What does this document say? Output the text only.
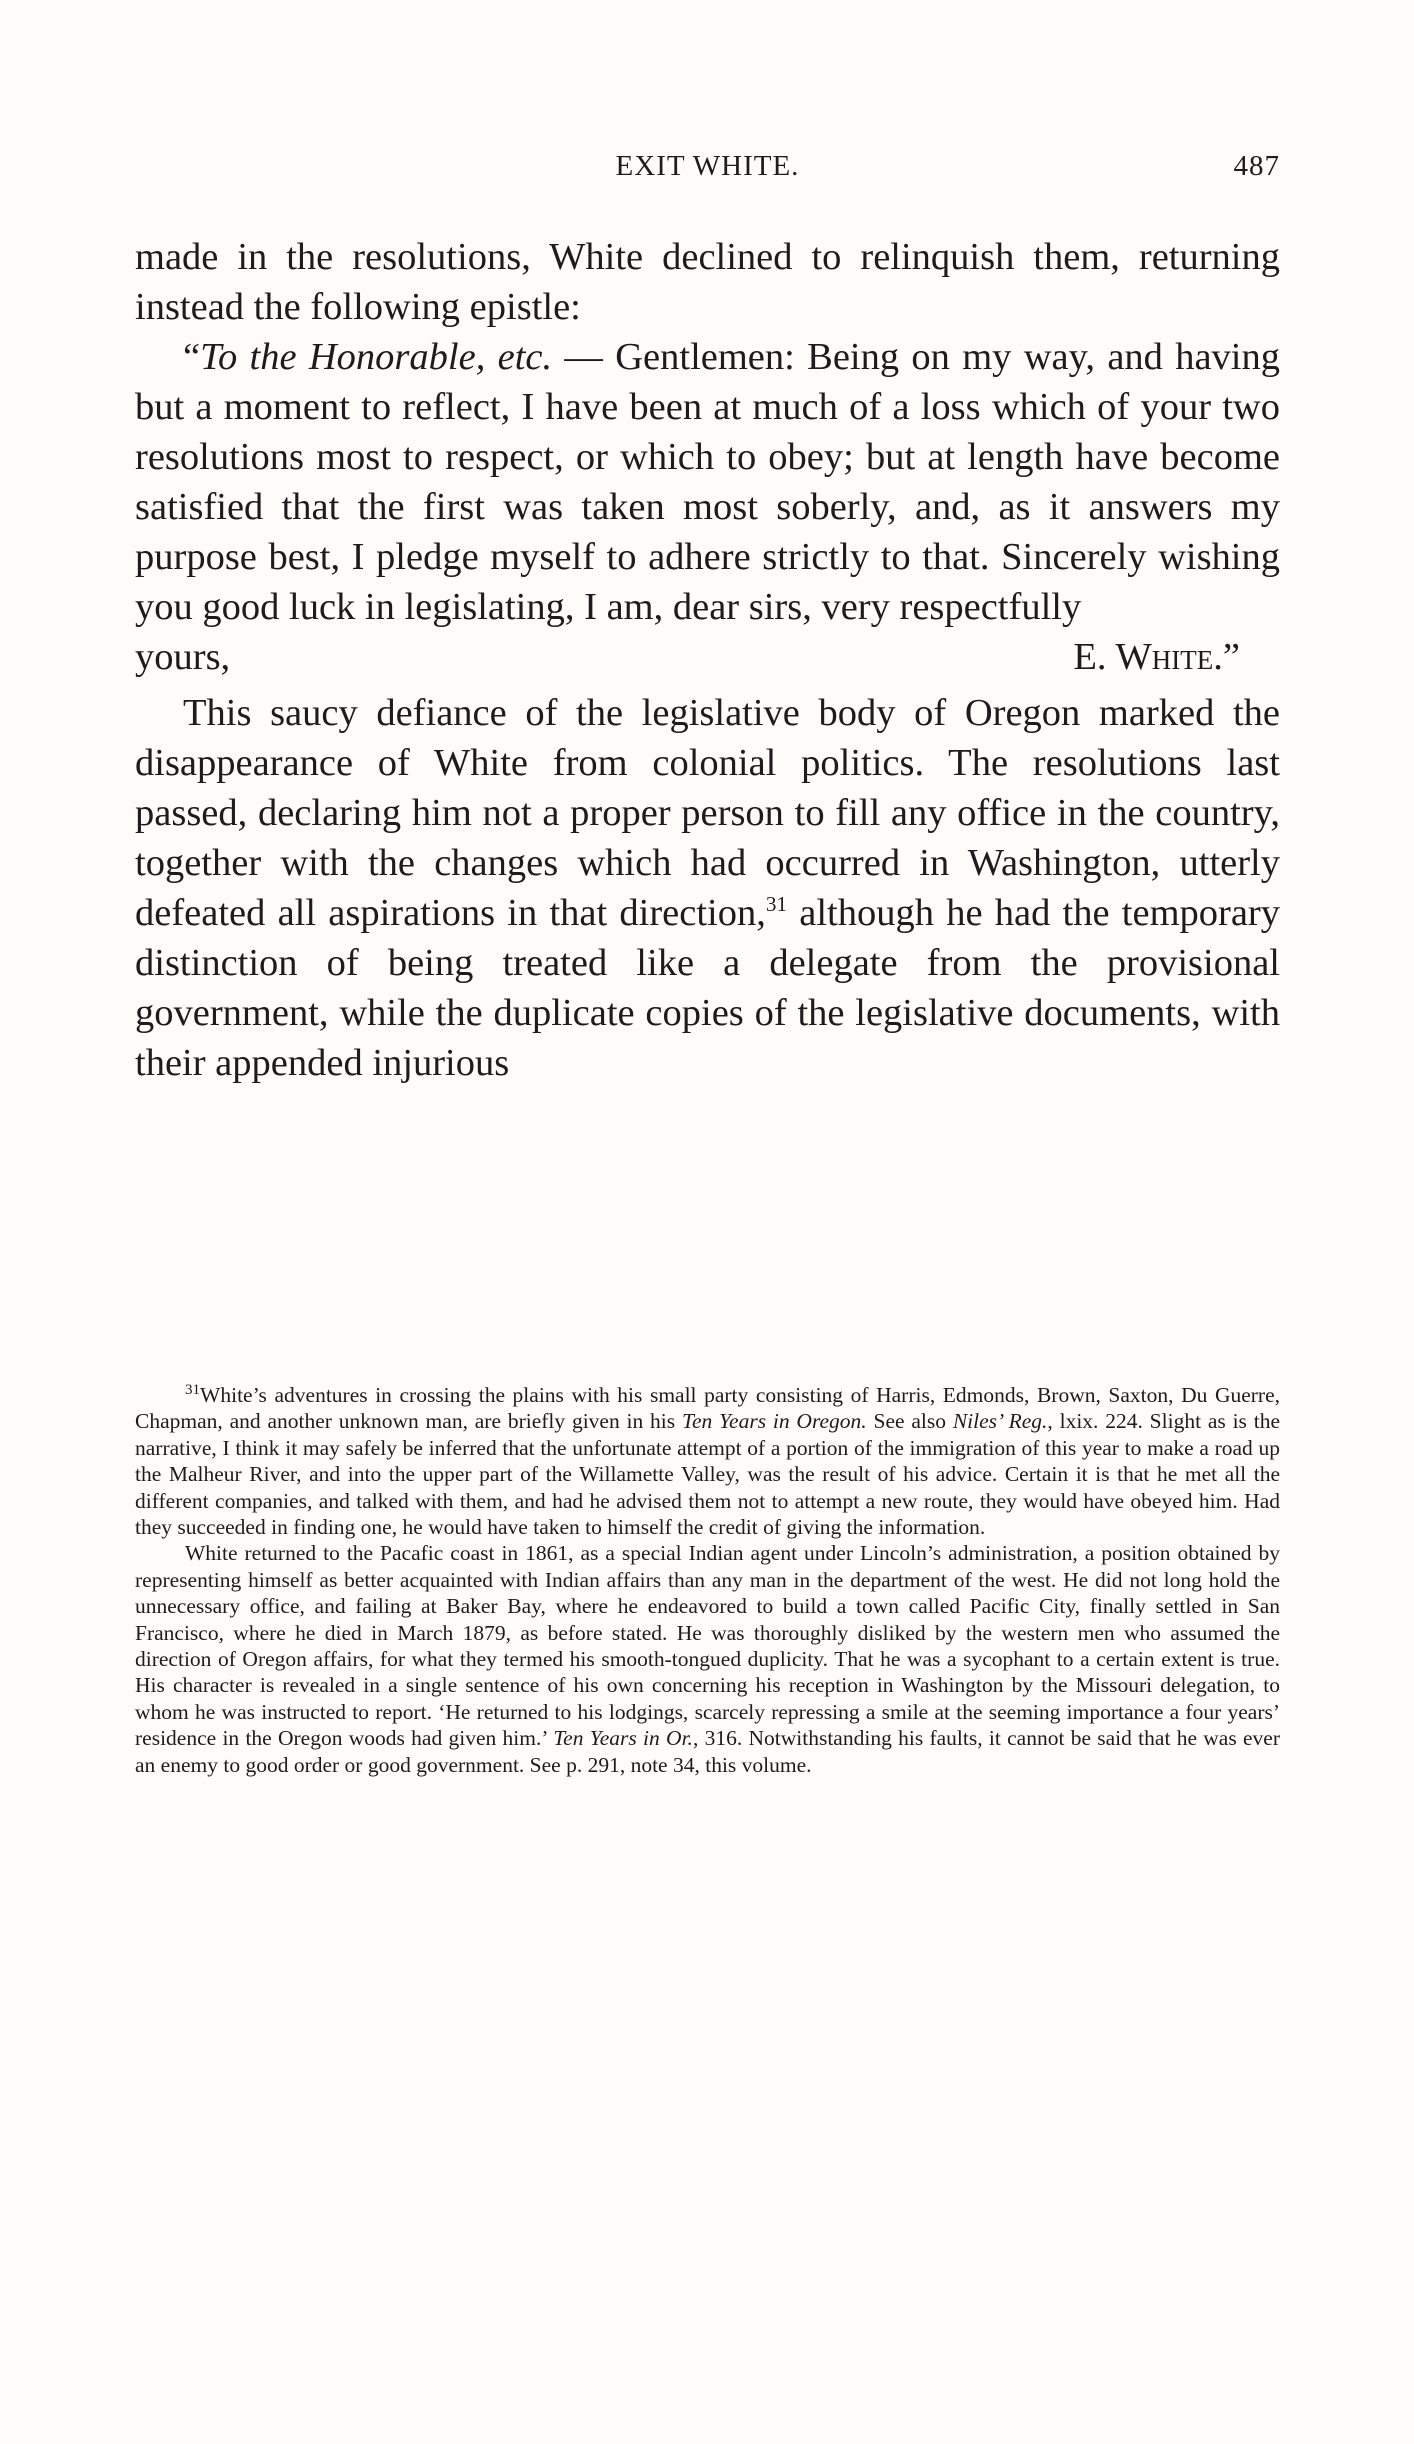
EXIT WHITE.	487

made in the resolutions, White declined to relinquish them, returning instead the following epistle:

“To the Honorable, etc. — Gentlemen: Being on my way, and having but a moment to reflect, I have been at much of a loss which of your two resolutions most to respect, or which to obey; but at length have become satisfied that the first was taken most soberly, and, as it answers my purpose best, I pledge myself to adhere strictly to that. Sincerely wishing you good luck in legislating, I am, dear sirs, very respectfully

yours,	E. White.”

This saucy defiance of the legislative body of Oregon marked the disappearance of White from colonial politics. The resolutions last passed, declaring him not a proper person to fill any office in the country, together with the changes which had occurred in Washington, utterly defeated all aspirations in that direction,$^{31}$ although he had the temporary distinction of being treated like a delegate from the provisional government, while the duplicate copies of the legislative documents, with their appended injurious

$^{31}$White’s adventures in crossing the plains with his small party consisting of Harris, Edmonds, Brown, Saxton, Du Guerre, Chapman, and another unknown man, are briefly given in his Ten Years in Oregon. See also Niles’ Reg., lxix. 224. Slight as is the narrative, I think it may safely be inferred that the unfortunate attempt of a portion of the immigration of this year to make a road up the Malheur River, and into the upper part of the Willamette Valley, was the result of his advice. Certain it is that he met all the different companies, and talked with them, and had he advised them not to attempt a new route, they would have obeyed him. Had they succeeded in finding one, he would have taken to himself the credit of giving the information.

White returned to the Pacafic coast in 1861, as a special Indian agent under Lincoln’s administration, a position obtained by representing himself as better acquainted with Indian affairs than any man in the department of the west. He did not long hold the unnecessary office, and failing at Baker Bay, where he endeavored to build a town called Pacific City, finally settled in San Francisco, where he died in March 1879, as before stated. He was thoroughly disliked by the western men who assumed the direction of Oregon affairs, for what they termed his smooth-tongued duplicity. That he was a sycophant to a certain extent is true. His character is revealed in a single sentence of his own concerning his reception in Washington by the Missouri delegation, to whom he was instructed to report. ‘He returned to his lodgings, scarcely repressing a smile at the seeming importance a four years’ residence in the Oregon woods had given him.’ Ten Years in Or., 316. Notwithstanding his faults, it cannot be said that he was ever an enemy to good order or good government. See p. 291, note 34, this volume.
